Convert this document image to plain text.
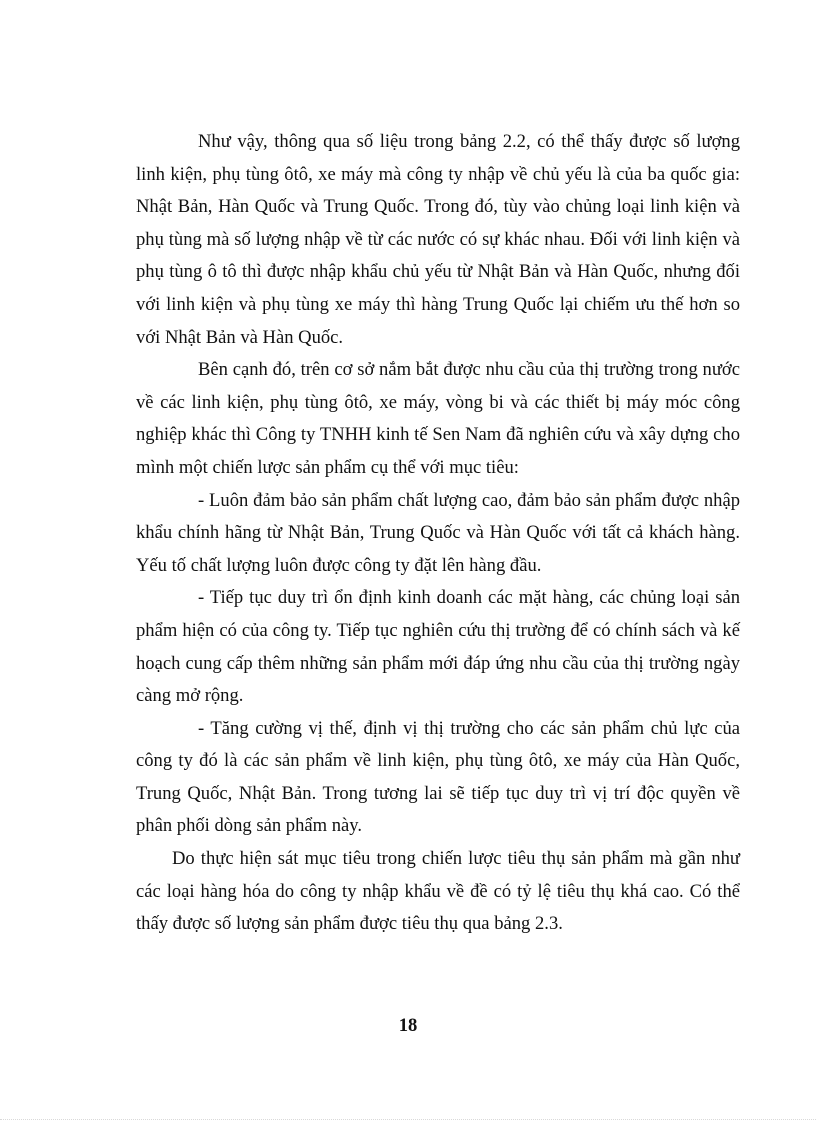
Như vậy, thông qua số liệu trong bảng 2.2, có thể thấy được số lượng linh kiện, phụ tùng ôtô, xe máy mà công ty nhập về chủ yếu là của ba quốc gia: Nhật Bản, Hàn Quốc và Trung Quốc. Trong đó, tùy vào chủng loại linh kiện và phụ tùng mà số lượng nhập về từ các nước có sự khác nhau. Đối với linh kiện và phụ tùng ô tô thì được nhập khẩu chủ yếu từ Nhật Bản và Hàn Quốc, nhưng đối với linh kiện và phụ tùng xe máy thì hàng Trung Quốc lại chiếm ưu thế hơn so với Nhật Bản và Hàn Quốc.

Bên cạnh đó, trên cơ sở nắm bắt được nhu cầu của thị trường trong nước về các linh kiện, phụ tùng ôtô, xe máy, vòng bi và các thiết bị máy móc công nghiệp khác thì Công ty TNHH kinh tế Sen Nam đã nghiên cứu và xây dựng cho mình một chiến lược sản phẩm cụ thể với mục tiêu:

- Luôn đảm bảo sản phẩm chất lượng cao, đảm bảo sản phẩm được nhập khẩu chính hãng từ Nhật Bản, Trung Quốc và Hàn Quốc với tất cả khách hàng. Yếu tố chất lượng luôn được công ty đặt lên hàng đầu.

- Tiếp tục duy trì ổn định kinh doanh các mặt hàng, các chủng loại sản phẩm hiện có của công ty. Tiếp tục nghiên cứu thị trường để có chính sách và kế hoạch cung cấp thêm những sản phẩm mới đáp ứng nhu cầu của thị trường ngày càng mở rộng.

- Tăng cường vị thế, định vị thị trường cho các sản phẩm chủ lực của công ty đó là các sản phẩm về linh kiện, phụ tùng ôtô, xe máy của Hàn Quốc, Trung Quốc, Nhật Bản. Trong tương lai sẽ tiếp tục duy trì vị trí độc quyền về phân phối dòng sản phẩm này.

Do thực hiện sát mục tiêu trong chiến lược tiêu thụ sản phẩm mà gần như các loại hàng hóa do công ty nhập khẩu về đề có tỷ lệ tiêu thụ khá cao. Có thể thấy được số lượng sản phẩm được tiêu thụ qua bảng 2.3.

18
